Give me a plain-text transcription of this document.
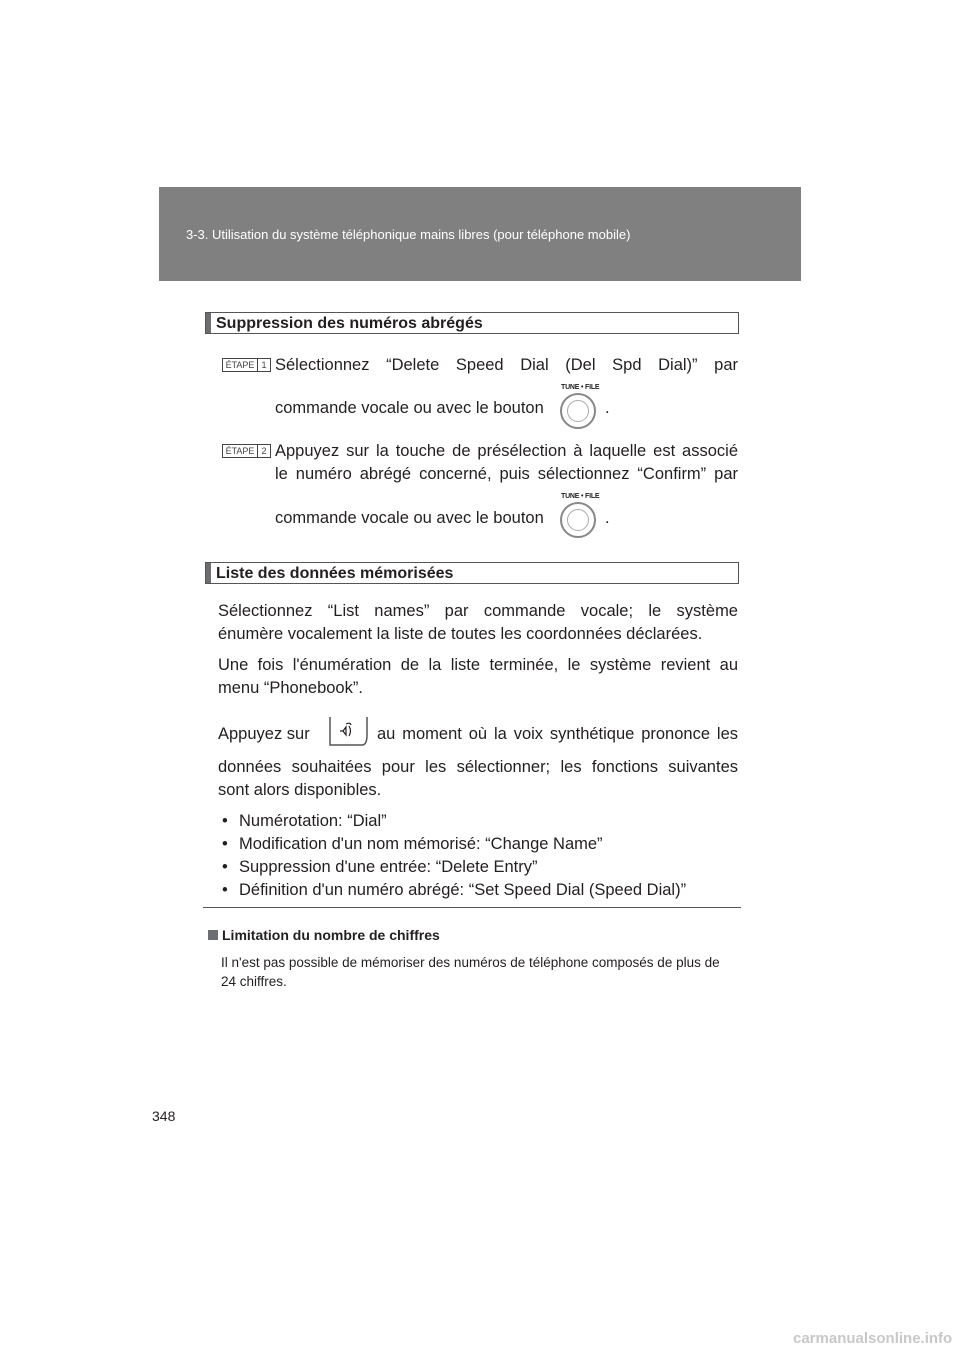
3-3. Utilisation du système téléphonique mains libres (pour téléphone mobile)
Suppression des numéros abrégés
ÉTAPE 1 Sélectionnez “Delete Speed Dial (Del Spd Dial)” par
commande vocale ou avec le bouton
TUNE • FILE
.
ÉTAPE 2 Appuyez sur la touche de présélection à laquelle est associé
le numéro abrégé concerné, puis sélectionnez “Confirm” par
commande vocale ou avec le bouton
TUNE • FILE
.
Liste des données mémorisées
Sélectionnez “List names” par commande vocale; le système
énumère vocalement la liste de toutes les coordonnées déclarées.
Une fois l'énumération de la liste terminée, le système revient au
menu “Phonebook”.
Appuyez sur	au moment où la voix synthétique prononce les
données souhaitées pour les sélectionner; les fonctions suivantes
sont alors disponibles.
• Numérotation: “Dial”
• Modification d'un nom mémorisé: “Change Name”
• Suppression d'une entrée: “Delete Entry”
• Définition d'un numéro abrégé: “Set Speed Dial (Speed Dial)”
Limitation du nombre de chiffres
Il n'est pas possible de mémoriser des numéros de téléphone composés de plus de 24 chiffres.
348
carmanualsonline.info
